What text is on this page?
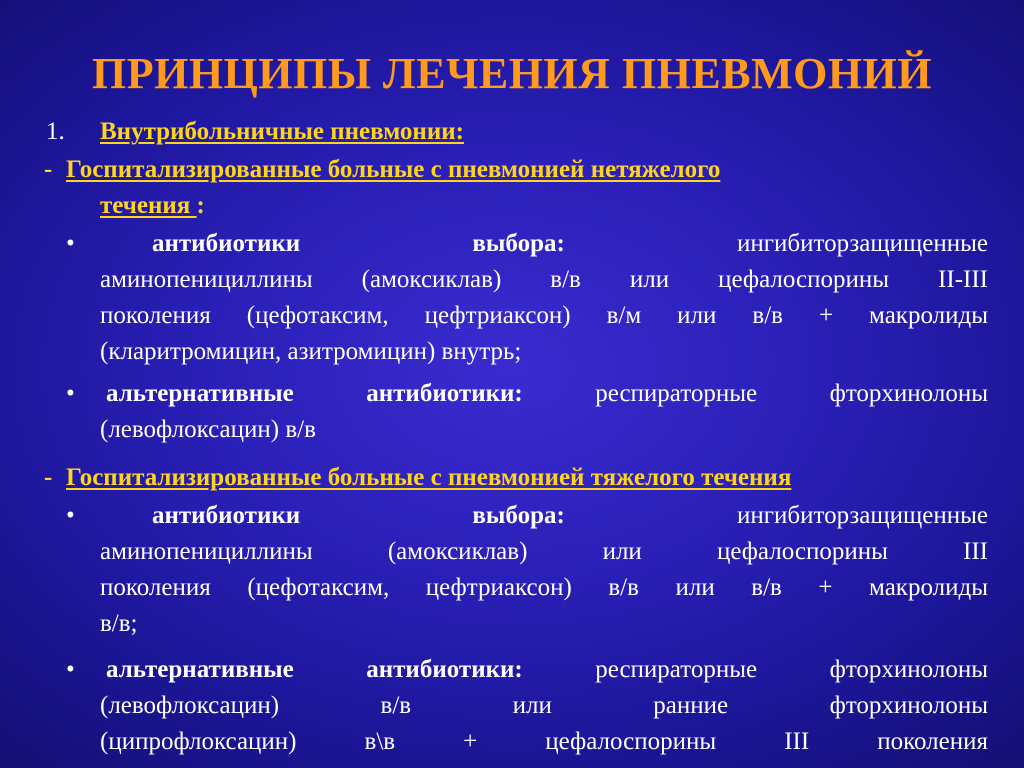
ПРИНЦИПЫ ЛЕЧЕНИЯ ПНЕВМОНИЙ
1. Внутрибольничные пневмонии:
- Госпитализированные больные с пневмонией нетяжелого
течения :
•	антибиотики	выбора:	ингибиторзащищенные
аминопенициллины (амоксиклав) в/в или цефалоспорины II-III
поколения (цефотаксим, цефтриаксон) в/м или в/в + макролиды
(кларитромицин, азитромицин) внутрь;
• альтернативные антибиотики:	респираторные фторхинолоны
(левофлоксацин) в/в
- Госпитализированные больные с пневмонией тяжелого течения
•	антибиотики	выбора:	ингибиторзащищенные
аминопенициллины (амоксиклав) или цефалоспорины III
поколения (цефотаксим, цефтриаксон) в/в или в/в + макролиды
в/в;
• альтернативные антибиотики:	респираторные фторхинолоны
(левофлоксацин) в/в или ранние фторхинолоны
(ципрофлоксацин) в\в + цефалоспорины III поколения
